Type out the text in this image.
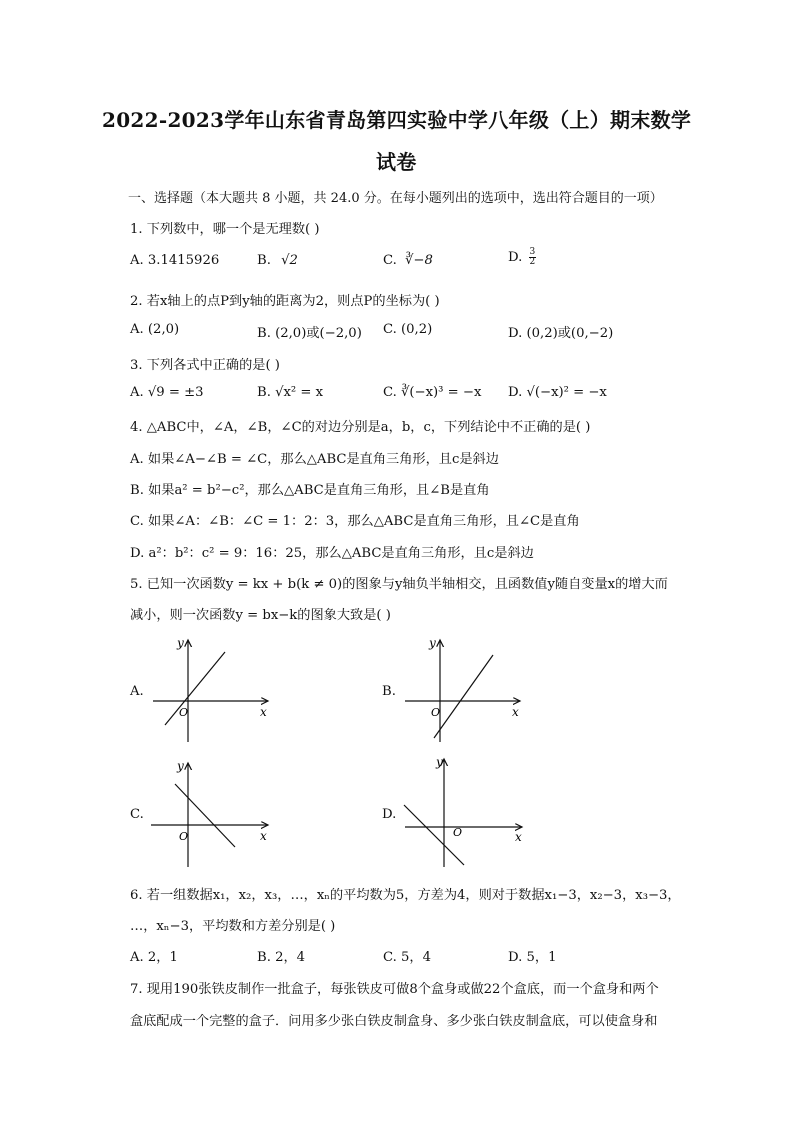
2022-2023学年山东省青岛第四实验中学八年级（上）期末数学
试卷
一、选择题（本大题共 8 小题，共 24.0 分。在每小题列出的选项中，选出符合题目的一项）
1. 下列数中，哪一个是无理数( )
A. 3.1415926	B. √2	C. ∛−8	D. $\frac{3}{2}$
2. 若x轴上的点P到y轴的距离为2，则点P的坐标为( )
A. (2,0)	B. (2,0)或(−2,0) C. (0,2)	D. (0,2)或(0,−2)
3. 下列各式中正确的是( )
A. √9 = ±3	B. √x² = x	C. ∛(−x)³ = −x D. √(−x)² = −x
4. △ABC中，∠A，∠B，∠C的对边分别是a，b，c，下列结论中不正确的是( )
A. 如果∠A−∠B = ∠C，那么△ABC是直角三角形，且c是斜边
B. 如果a² = b²−c²，那么△ABC是直角三角形，且∠B是直角
C. 如果∠A：∠B：∠C = 1：2：3，那么△ABC是直角三角形，且∠C是直角
D. a²：b²：c² = 9：16：25，那么△ABC是直角三角形，且c是斜边
5. 已知一次函数y = kx + b(k ≠ 0)的图象与y轴负半轴相交，且函数值y随自变量x的增大而
减小，则一次函数y = bx−k的图象大致是( )
A.
y
x
O
B.
y
x
O
C.
y
x
O
D.
y
x
O
6. 若一组数据x₁，x₂，x₃，…，xₙ的平均数为5，方差为4，则对于数据x₁−3，x₂−3，x₃−3，
…，xₙ−3，平均数和方差分别是( )
A. 2，1	B. 2，4	C. 5，4	D. 5，1
7. 现用190张铁皮制作一批盒子，每张铁皮可做8个盒身或做22个盒底，而一个盒身和两个
盒底配成一个完整的盒子．问用多少张白铁皮制盒身、多少张白铁皮制盒底，可以使盒身和
